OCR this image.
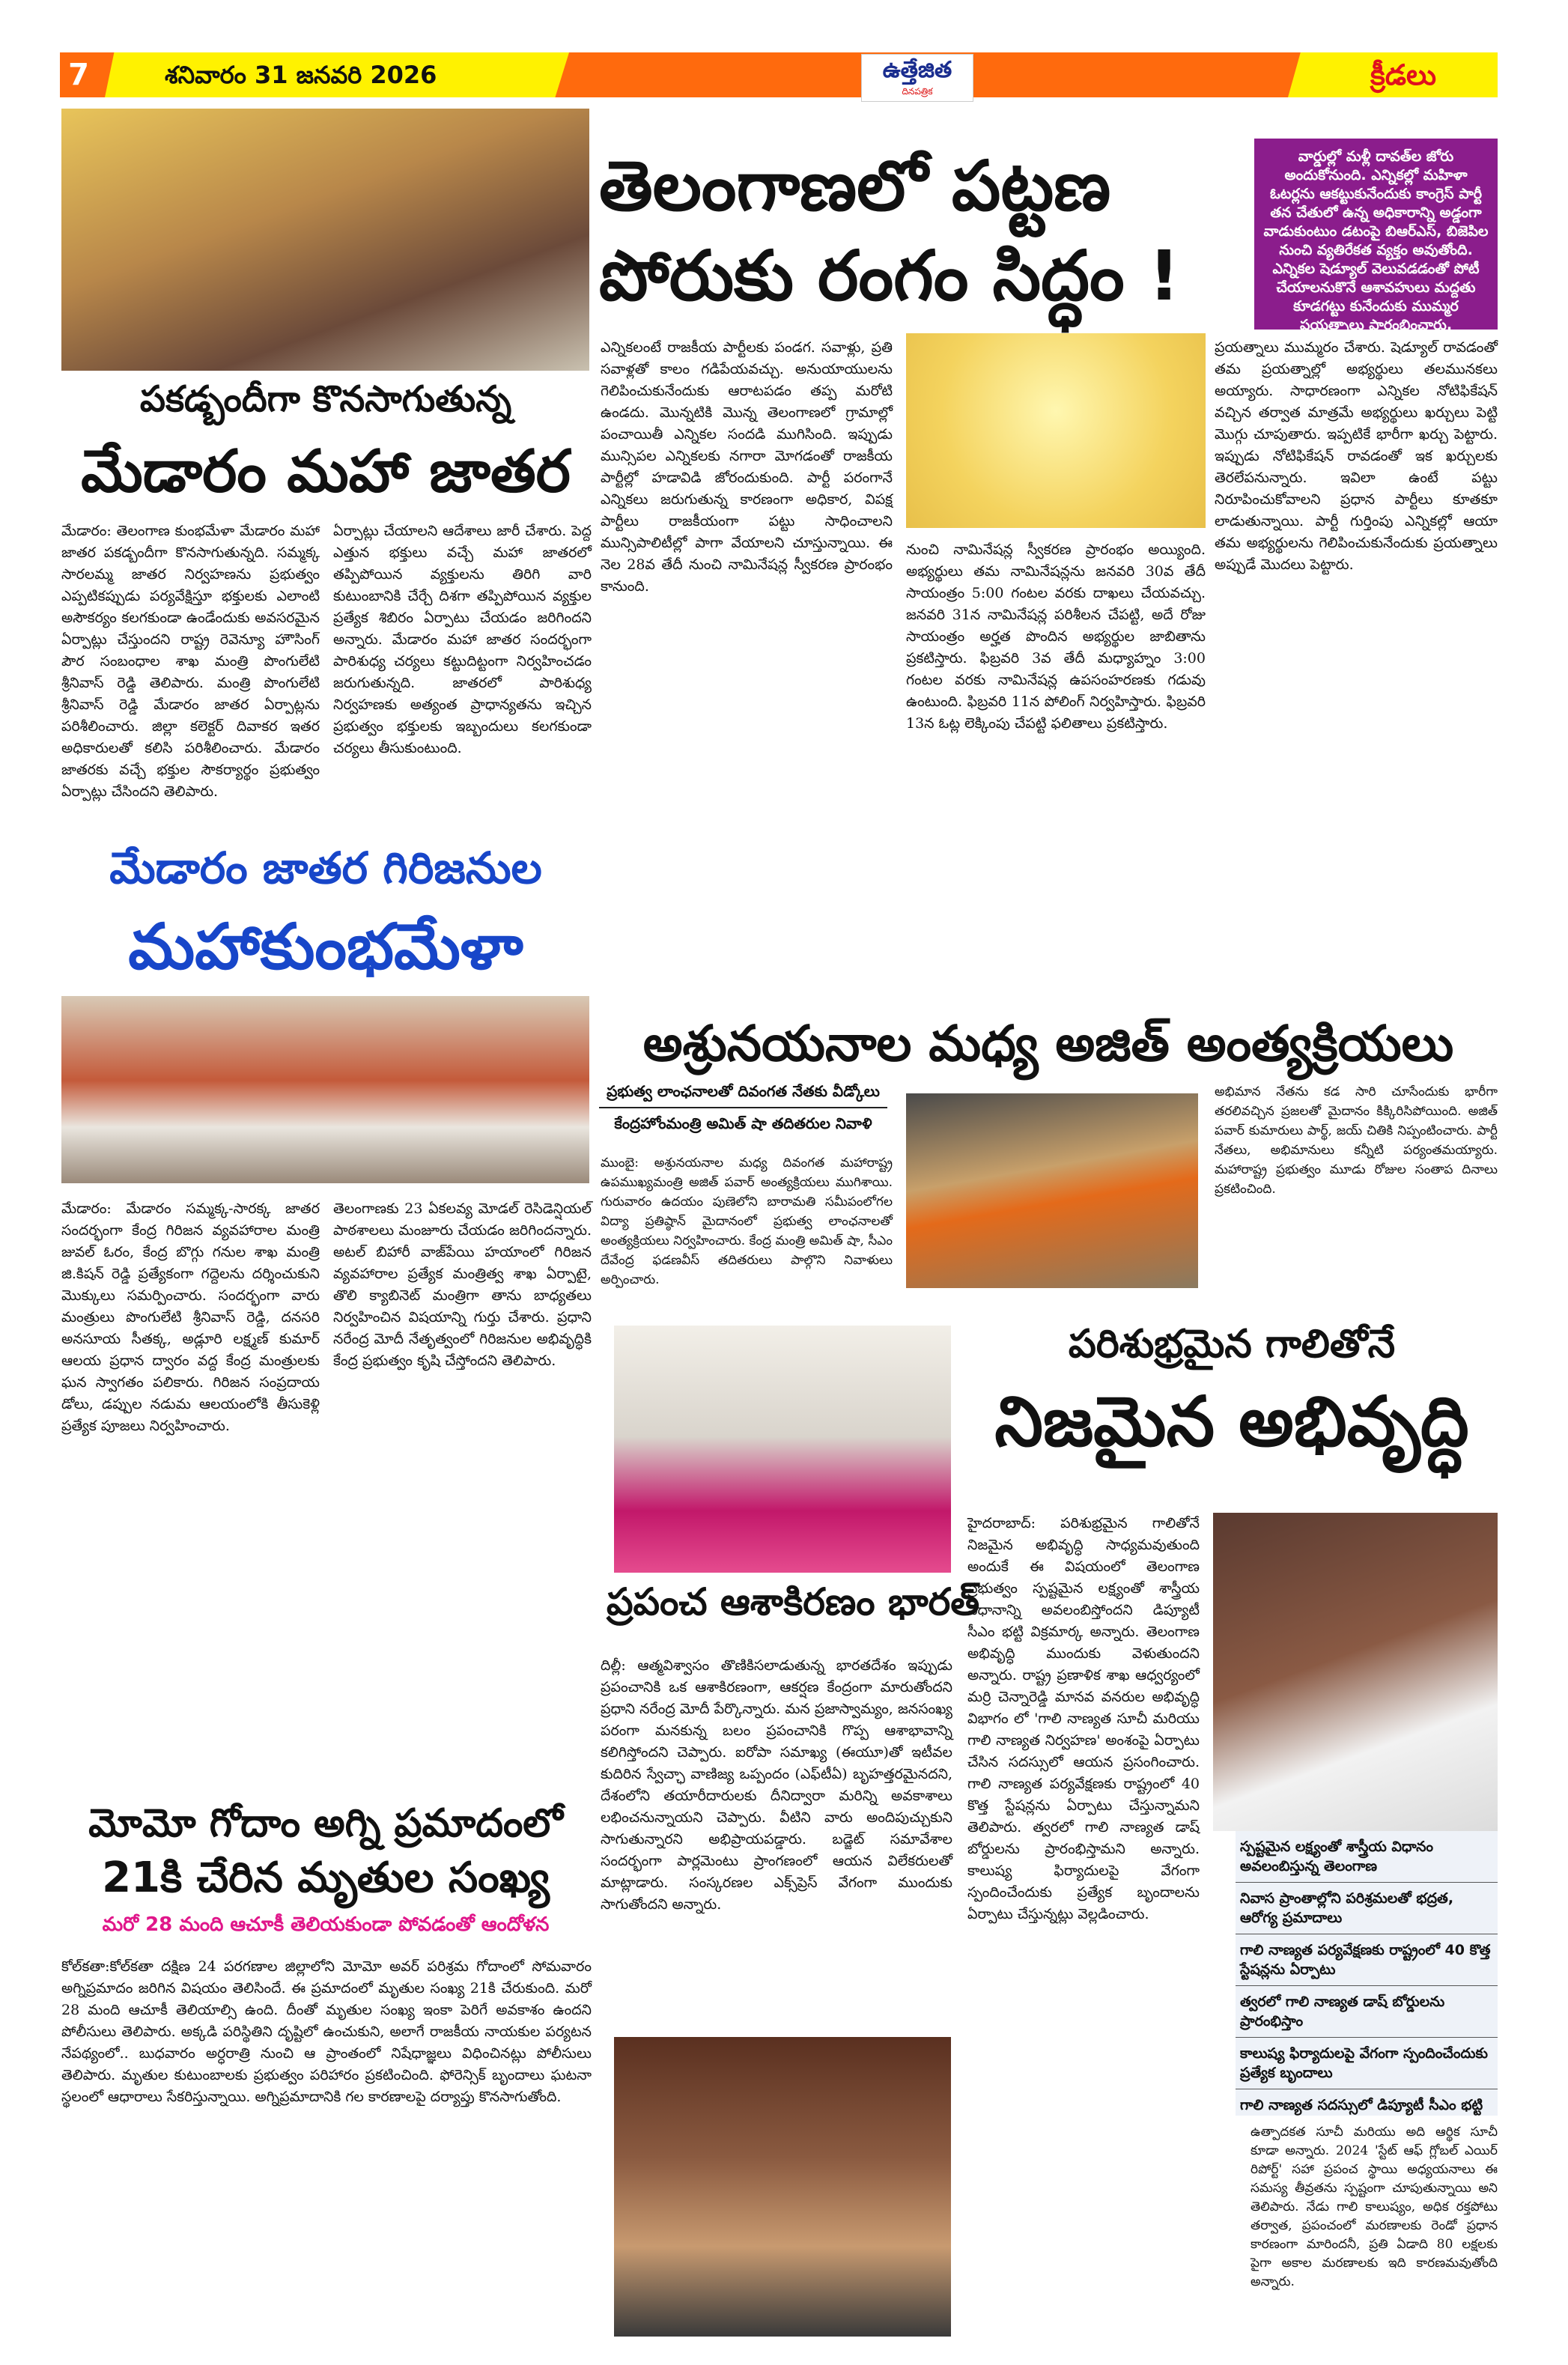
7	శనివారం 31 జనవరి 2026	ఉత్తేజిత
దినపత్రిక	క్రీడలు
పకడ్బందీగా కొనసాగుతున్న
మేడారం మహా జాతర
మేడారం: తెలంగాణ కుంభమేళా మేడారం మహా జాతర పకడ్బందీగా కొనసాగుతున్నది. సమ్మక్క సారలమ్మ జాతర నిర్వహణను ప్రభుత్వం ఎప్పటికప్పుడు పర్యవేక్షిస్తూ భక్తులకు ఎలాంటి అసౌకర్యం కలగకుండా ఉండేందుకు అవసరమైన ఏర్పాట్లు చేస్తుందని రాష్ట్ర రెవెన్యూ హౌసింగ్ పౌర సంబంధాల శాఖ మంత్రి పొంగులేటి శ్రీనివాస్ రెడ్డి తెలిపారు. మంత్రి పొంగులేటి శ్రీనివాస్ రెడ్డి మేడారం జాతర ఏర్పాట్లను పరిశీలించారు. జిల్లా కలెక్టర్ దివాకర ఇతర అధికారులతో కలిసి పరిశీలించారు. మేడారం జాతరకు వచ్చే భక్తుల సౌకర్యార్థం ప్రభుత్వం ఏర్పాట్లు చేసిందని తెలిపారు.
ఏర్పాట్లు చేయాలని ఆదేశాలు జారీ చేశారు. పెద్ద ఎత్తున భక్తులు వచ్చే మహా జాతరలో తప్పిపోయిన వ్యక్తులను తిరిగి వారి కుటుంబానికి చేర్చే దిశగా తప్పిపోయిన వ్యక్తుల ప్రత్యేక శిబిరం ఏర్పాటు చేయడం జరిగిందని అన్నారు. మేడారం మహా జాతర సందర్భంగా పారిశుధ్య చర్యలు కట్టుదిట్టంగా నిర్వహించడం జరుగుతున్నది. జాతరలో పారిశుధ్య నిర్వహణకు అత్యంత ప్రాధాన్యతను ఇచ్చిన ప్రభుత్వం భక్తులకు ఇబ్బందులు కలగకుండా చర్యలు తీసుకుంటుంది.
మేడారం జాతర గిరిజనుల
మహాకుంభమేళా
మేడారం: మేడారం సమ్మక్క-సారక్క జాతర సందర్భంగా కేంద్ర గిరిజన వ్యవహారాల మంత్రి జువల్ ఓరం, కేంద్ర బొగ్గు గనుల శాఖ మంత్రి జి.కిషన్ రెడ్డి ప్రత్యేకంగా గద్దెలను దర్శించుకుని మొక్కులు సమర్పించారు. సందర్భంగా వారు మంత్రులు పొంగులేటి శ్రీనివాస్ రెడ్డి, దనసరి అనసూయ సీతక్క, అడ్లూరి లక్ష్మణ్ కుమార్ ఆలయ ప్రధాన ద్వారం వద్ద కేంద్ర మంత్రులకు ఘన స్వాగతం పలికారు. గిరిజన సంప్రదాయ డోలు, డప్పుల నడుమ ఆలయంలోకి తీసుకెళ్లి ప్రత్యేక పూజలు నిర్వహించారు.
తెలంగాణకు 23 ఏకలవ్య మోడల్ రెసిడెన్షియల్ పాఠశాలలు మంజూరు చేయడం జరిగిందన్నారు. అటల్ బిహారీ వాజ్‌పేయి హయాంలో గిరిజన వ్యవహారాల ప్రత్యేక మంత్రిత్వ శాఖ ఏర్పాటై, తొలి క్యాబినెట్ మంత్రిగా తాను బాధ్యతలు నిర్వహించిన విషయాన్ని గుర్తు చేశారు. ప్రధాని నరేంద్ర మోదీ నేతృత్వంలో గిరిజనుల అభివృద్ధికి కేంద్ర ప్రభుత్వం కృషి చేస్తోందని తెలిపారు.
మోమో గోదాం అగ్ని ప్రమాదంలో
21కి చేరిన మృతుల సంఖ్య
మరో 28 మంది ఆచూకీ తెలియకుండా పోవడంతో ఆందోళన
కోల్‌కతా:కోల్‌కతా దక్షిణ 24 పరగణాల జిల్లాలోని మోమో అవర్ పరిశ్రమ గోదాంలో సోమవారం అగ్నిప్రమాదం జరిగిన విషయం తెలిసిందే. ఈ ప్రమాదంలో మృతుల సంఖ్య 21కి చేరుకుంది. మరో 28 మంది ఆచూకీ తెలియాల్సి ఉంది. దీంతో మృతుల సంఖ్య ఇంకా పెరిగే అవకాశం ఉందని పోలీసులు తెలిపారు. అక్కడి పరిస్థితిని దృష్టిలో ఉంచుకుని, అలాగే రాజకీయ నాయకుల పర్యటన నేపథ్యంలో.. బుధవారం అర్ధరాత్రి నుంచి ఆ ప్రాంతంలో నిషేధాజ్ఞలు విధించినట్లు పోలీసులు తెలిపారు. మృతుల కుటుంబాలకు ప్రభుత్వం పరిహారం ప్రకటించింది. ఫోరెన్సిక్ బృందాలు ఘటనా స్థలంలో ఆధారాలు సేకరిస్తున్నాయి. అగ్నిప్రమాదానికి గల కారణాలపై దర్యాప్తు కొనసాగుతోంది.
తెలంగాణలో పట్టణ
పోరుకు రంగం సిద్ధం !
వార్డుల్లో మళ్లీ దావత్‌ల జోరు అందుకోనుంది. ఎన్నికల్లో మహిళా ఓటర్లను ఆకట్టుకునేందుకు కాంగ్రెస్ పార్టీ తన చేతులో ఉన్న అధికారాన్ని అడ్డంగా వాడుకుంటుం డటంపై బిఆర్ఎస్, బిజెపిల నుంచి వ్యతిరేకత వ్యక్తం అవుతోంది. ఎన్నికల షెడ్యూల్ వెలువడడంతో పోటీ చేయాలనుకొనే ఆశావహులు మద్దతు కూడగట్టు కునేందుకు ముమ్మర ప్రయత్నాలు ప్రారంభించారు.
ఎన్నికలంటే రాజకీయ పార్టీలకు పండగ. సవాళ్లు, ప్రతి సవాళ్లతో కాలం గడిపేయవచ్చు. అనుయాయులను గెలిపించుకునేందుకు ఆరాటపడం తప్ప మరోటి ఉండదు. మొన్నటికి మొన్న తెలంగాణలో గ్రామాల్లో పంచాయితీ ఎన్నికల సందడి ముగిసింది. ఇప్పుడు మున్సిపల ఎన్నికలకు నగారా మోగడంతో రాజకీయ పార్టీల్లో హడావిడి జోరందుకుంది. పార్టీ పరంగానే ఎన్నికలు జరుగుతున్న కారణంగా అధికార, విపక్ష పార్టీలు రాజకీయంగా పట్టు సాధించాలని మున్సిపాలిటీల్లో పాగా వేయాలని చూస్తున్నాయి. ఈ నెల 28వ తేదీ నుంచి నామినేషన్ల స్వీకరణ ప్రారంభం కానుంది.
నుంచి నామినేషన్ల స్వీకరణ ప్రారంభం అయ్యింది. అభ్యర్థులు తమ నామినేషన్లను జనవరి 30వ తేదీ సాయంత్రం 5:00 గంటల వరకు దాఖలు చేయవచ్చు. జనవరి 31న నామినేషన్ల పరిశీలన చేపట్టి, అదే రోజు సాయంత్రం అర్హత పొందిన అభ్యర్థుల జాబితాను ప్రకటిస్తారు. ఫిబ్రవరి 3వ తేదీ మధ్యాహ్నం 3:00 గంటల వరకు నామినేషన్ల ఉపసంహరణకు గడువు ఉంటుంది. ఫిబ్రవరి 11న పోలింగ్ నిర్వహిస్తారు. ఫిబ్రవరి 13న ఓట్ల లెక్కింపు చేపట్టి ఫలితాలు ప్రకటిస్తారు.
ప్రయత్నాలు ముమ్మరం చేశారు. షెడ్యూల్ రావడంతో తమ ప్రయత్నాల్లో అభ్యర్థులు తలమునకలు అయ్యారు. సాధారణంగా ఎన్నికల నోటిఫికేషన్ వచ్చిన తర్వాత మాత్రమే అభ్యర్థులు ఖర్చులు పెట్టి మొగ్గు చూపుతారు. ఇప్పటికే భారీగా ఖర్చు పెట్టారు. ఇప్పుడు నోటిఫికేషన్ రావడంతో ఇక ఖర్చులకు తెరలేపనున్నారు. ఇవిలా ఉంటే పట్టు నిరూపించుకోవాలని ప్రధాన పార్టీలు కూతకూ లాడుతున్నాయి. పార్టీ గుర్తింపు ఎన్నికల్లో ఆయా తమ అభ్యర్థులను గెలిపించుకునేందుకు ప్రయత్నాలు అప్పుడే మొదలు పెట్టారు.
అశ్రునయనాల మధ్య అజిత్ అంత్యక్రియలు
ప్రభుత్వ లాంఛనాలతో దివంగత నేతకు వీడ్కోలు
కేంద్రహోంమంత్రి అమిత్ షా తదితరుల నివాళి
ముంబై: అశ్రునయనాల మధ్య దివంగత మహారాష్ట్ర ఉపముఖ్యమంత్రి అజిత్ పవార్ అంత్యక్రియలు ముగిశాయి. గురువారం ఉదయం పుణెలోని బారామతి సమీపంలోగల విద్యా ప్రతిష్ఠాన్ మైదానంలో ప్రభుత్వ లాంఛనాలతో అంత్యక్రియలు నిర్వహించారు. కేంద్ర మంత్రి అమిత్ షా, సీఎం దేవేంద్ర ఫడణవీస్ తదితరులు పాల్గొని నివాళులు అర్పించారు.
అభిమాన నేతను కడ సారి చూసేందుకు భారీగా తరలివచ్చిన ప్రజలతో మైదానం కిక్కిరిసిపోయింది. అజిత్ పవార్ కుమారులు పార్థ్, జయ్ చితికి నిప్పంటించారు. పార్టీ నేతలు, అభిమానులు కన్నీటి పర్యంతమయ్యారు. మహారాష్ట్ర ప్రభుత్వం మూడు రోజుల సంతాప దినాలు ప్రకటించింది.
ప్రపంచ ఆశాకిరణం భారత్
దిల్లీ: ఆత్మవిశ్వాసం తొణికిసలాడుతున్న భారతదేశం ఇప్పుడు ప్రపంచానికి ఒక ఆశాకిరణంగా, ఆకర్షణ కేంద్రంగా మారుతోందని ప్రధాని నరేంద్ర మోదీ పేర్కొన్నారు. మన ప్రజాస్వామ్యం, జనసంఖ్య పరంగా మనకున్న బలం ప్రపంచానికి గొప్ప ఆశాభావాన్ని కలిగిస్తోందని చెప్పారు. ఐరోపా సమాఖ్య (ఈయూ)తో ఇటీవల కుదిరిన స్వేచ్ఛా వాణిజ్య ఒప్పందం (ఎఫ్‌టీఏ) బృహత్తరమైనదని, దేశంలోని తయారీదారులకు దీనిద్వారా మరిన్ని అవకాశాలు లభించనున్నాయని చెప్పారు. వీటిని వారు అందిపుచ్చుకుని సాగుతున్నారని అభిప్రాయపడ్డారు. బడ్జెట్ సమావేశాల సందర్భంగా పార్లమెంటు ప్రాంగణంలో ఆయన విలేకరులతో మాట్లాడారు. సంస్కరణల ఎక్స్‌ప్రెస్ వేగంగా ముందుకు సాగుతోందని అన్నారు.
పరిశుభ్రమైన గాలితోనే
నిజమైన అభివృద్ధి
హైదరాబాద్: పరిశుభ్రమైన గాలితోనే నిజమైన అభివృద్ధి సాధ్యమవుతుంది అందుకే ఈ విషయంలో తెలంగాణ ప్రభుత్వం స్పష్టమైన లక్ష్యంతో శాస్త్రీయ విధానాన్ని అవలంబిస్తోందని డిప్యూటీ సీఎం భట్టి విక్రమార్క అన్నారు. తెలంగాణ అభివృద్ధి ముందుకు వెళుతుందని అన్నారు. రాష్ట్ర ప్రణాళిక శాఖ ఆధ్వర్యంలో మర్రి చెన్నారెడ్డి మానవ వనరుల అభివృద్ధి విభాగం లో 'గాలి నాణ్యత సూచీ మరియు గాలి నాణ్యత నిర్వహణ' అంశంపై ఏర్పాటు చేసిన సదస్సులో ఆయన ప్రసంగించారు. గాలి నాణ్యత పర్యవేక్షణకు రాష్ట్రంలో 40 కొత్త స్టేషన్లను ఏర్పాటు చేస్తున్నామని తెలిపారు. త్వరలో గాలి నాణ్యత డాష్ బోర్డులను ప్రారంభిస్తామని అన్నారు. కాలుష్య ఫిర్యాదులపై వేగంగా స్పందించేందుకు ప్రత్యేక బృందాలను ఏర్పాటు చేస్తున్నట్లు వెల్లడించారు.
స్పష్టమైన లక్ష్యంతో శాస్త్రీయ విధానం అవలంబిస్తున్న తెలంగాణ
నివాస ప్రాంతాల్లోని పరిశ్రమలతో భద్రత, ఆరోగ్య ప్రమాదాలు
గాలి నాణ్యత పర్యవేక్షణకు రాష్ట్రంలో 40 కొత్త స్టేషన్లను ఏర్పాటు
త్వరలో గాలి నాణ్యత డాష్ బోర్డులను ప్రారంభిస్తాం
కాలుష్య ఫిర్యాదులపై వేగంగా స్పందించేందుకు ప్రత్యేక బృందాలు
గాలి నాణ్యత సదస్సులో డిప్యూటీ సీఎం భట్టి
ఉత్పాదకత సూచీ మరియు అది ఆర్థిక సూచీ కూడా అన్నారు. 2024 'స్టేట్ ఆఫ్ గ్లోబల్ ఎయిర్ రిపోర్ట్' సహా ప్రపంచ స్థాయి అధ్యయనాలు ఈ సమస్య తీవ్రతను స్పష్టంగా చూపుతున్నాయి అని తెలిపారు. నేడు గాలి కాలుష్యం, అధిక రక్తపోటు తర్వాత, ప్రపంచంలో మరణాలకు రెండో ప్రధాన కారణంగా మారిందనీ, ప్రతి ఏడాది 80 లక్షలకు పైగా అకాల మరణాలకు ఇది కారణమవుతోంది అన్నారు.
